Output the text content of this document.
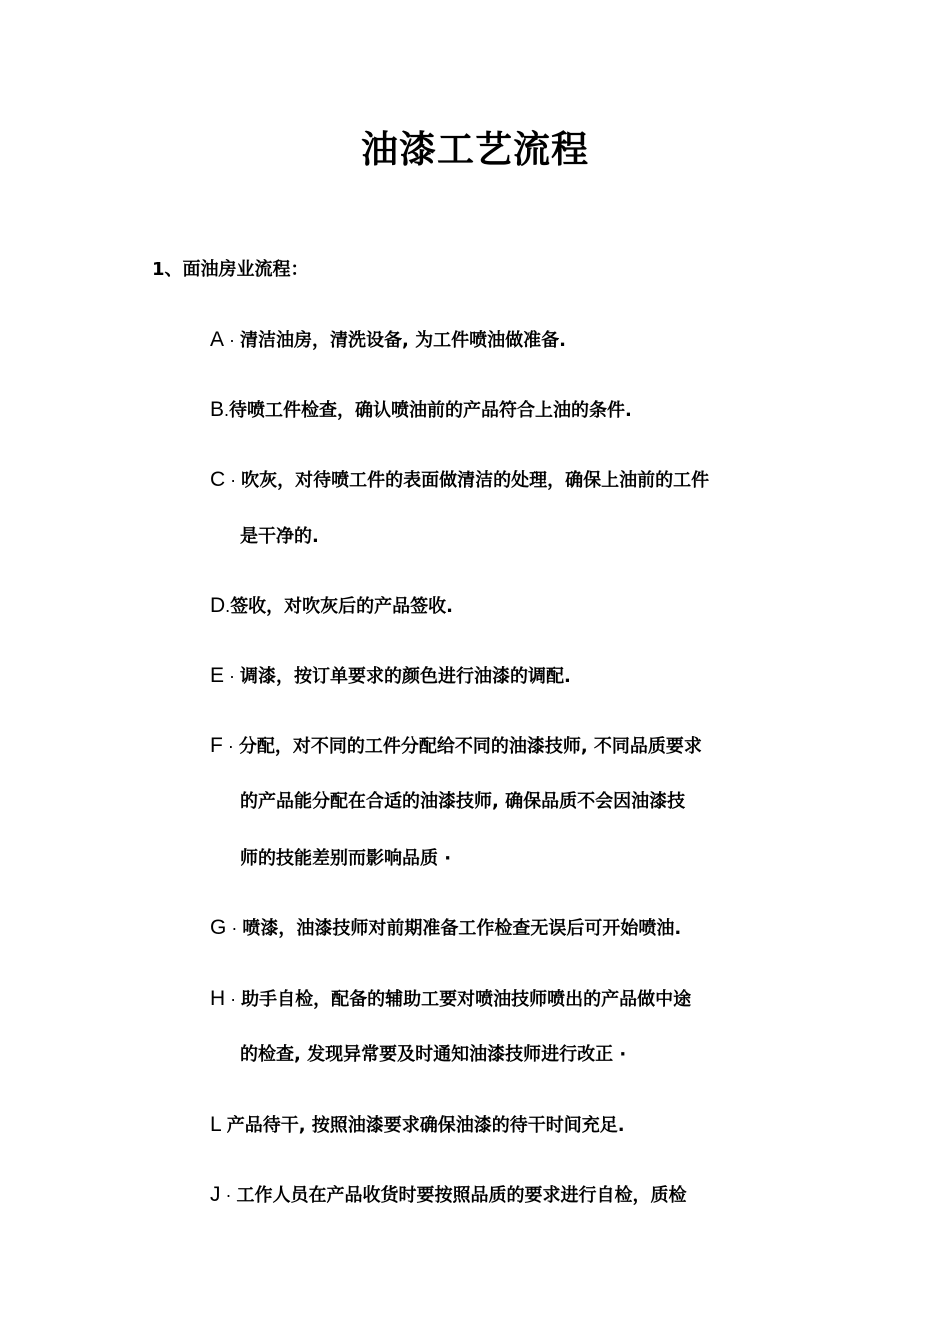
油漆工艺流程
1、面油房业流程：
A · 清洁油房，清洗设备, 为工件喷油做准备.
B.待喷工件检查，确认喷油前的产品符合上油的条件.
C · 吹灰，对待喷工件的表面做清洁的处理，确保上油前的工件
是干净的.
D.签收，对吹灰后的产品签收.
E · 调漆，按订单要求的颜色进行油漆的调配.
F · 分配，对不同的工件分配给不同的油漆技师, 不同品质要求
的产品能分配在合适的油漆技师, 确保品质不会因油漆技
师的技能差别而影响品质 ·
G · 喷漆，油漆技师对前期准备工作检查无误后可开始喷油.
H · 助手自检，配备的辅助工要对喷油技师喷出的产品做中途
的检查, 发现异常要及时通知油漆技师进行改正 ·
L 产品待干, 按照油漆要求确保油漆的待干时间充足.
J · 工作人员在产品收货时要按照品质的要求进行自检，质检
